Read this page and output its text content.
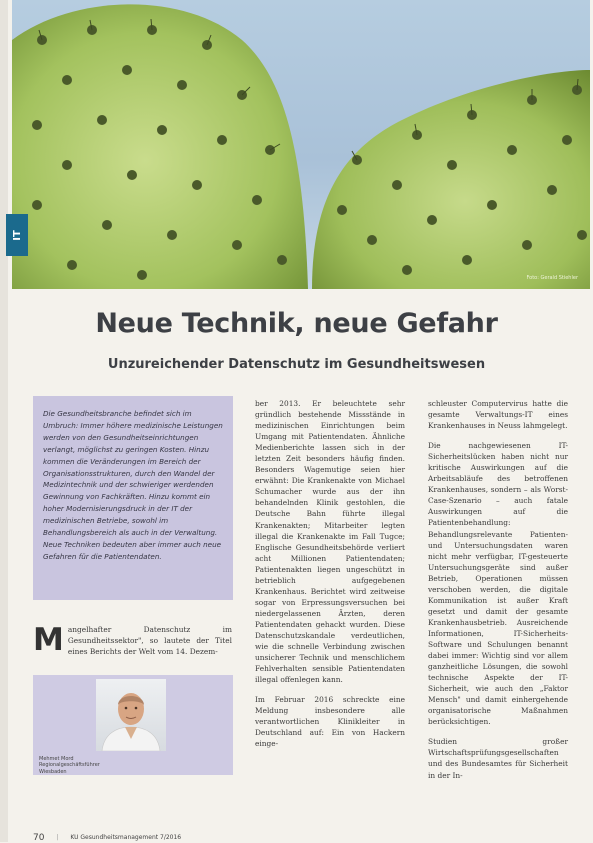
Foto: Gerald Stiehler
IT
Neue Technik, neue Gefahr
Unzureichender Datenschutz im Gesundheitswesen

Die Gesundheitsbranche befindet sich im Umbruch: Immer höhere medizinische Leistungen werden von den Gesundheitseinrichtungen verlangt, möglichst zu geringen Kosten. Hinzu kommen die Veränderungen im Bereich der Organisationsstrukturen, durch den Wandel der Medizintechnik und der schwieriger werdenden Gewinnung von Fachkräften. Hinzu kommt ein hoher Modernisierungsdruck in der IT der medizinischen Betriebe, sowohl im Behandlungsbereich als auch in der Verwaltung. Neue Techniken bedeuten aber immer auch neue Gefahren für die Patientendaten.

Mangelhafter Datenschutz im Gesundheitssektor", so lautete der Titel eines Berichts der Welt vom 14. Dezem-

Mehmet Mord
Regionalgeschäftsführer
Wiesbaden

ber 2013. Er beleuchtete sehr gründlich bestehende Missstände in medizinischen Einrichtungen beim Umgang mit Patientendaten. Ähnliche Medienberichte lassen sich in der letzten Zeit besonders häufig finden. Besonders Wagemutige seien hier erwähnt: Die Krankenakte von Michael Schumacher wurde aus der ihn behandelnden Klinik gestohlen, die Deutsche Bahn führte illegal Krankenakten; Mitarbeiter legten illegal die Krankenakte im Fall Tugce; Englische Gesundheitsbehörde verliert acht Millionen Patientendaten; Patientenakten liegen ungeschützt in betrieblich aufgegebenen Krankenhaus. Berichtet wird zeitweise sogar von Erpressungsversuchen bei niedergelassenen Ärzten, deren Patientendaten gehackt wurden. Diese Datenschutzskandale verdeutlichen, wie die schnelle Verbindung zwischen unsicherer Technik und menschlichem Fehlverhalten sensible Patientendaten illegal offenlegen kann.

Im Februar 2016 schreckte eine Meldung insbesondere alle verantwortlichen Klinikleiter in Deutschland auf: Ein von Hackern einge-

schleuster Computervirus hatte die gesamte Verwaltungs-IT eines Krankenhauses in Neuss lahmgelegt.

Die nachgewiesenen IT-Sicherheitslücken haben nicht nur kritische Auswirkungen auf die Arbeitsabläufe des betroffenen Krankenhauses, sondern – als Worst-Case-Szenario – auch fatale Auswirkungen auf die Patientenbehandlung: Behandlungsrelevante Patienten- und Untersuchungsdaten waren nicht mehr verfügbar, IT-gesteuerte Untersuchungsgeräte sind außer Betrieb, Operationen müssen verschoben werden, die digitale Kommunikation ist außer Kraft gesetzt und damit der gesamte Krankenhausbetrieb. Ausreichende Informationen, IT-Sicherheits-Software und Schulungen benannt dabei immer: Wichtig sind vor allem ganzheitliche Lösungen, die sowohl technische Aspekte der IT-Sicherheit, wie auch den „Faktor Mensch" und damit einhergehende organisatorische Maßnahmen berücksichtigen.

Studien großer Wirtschaftsprüfungsgesellschaften und des Bundesamtes für Sicherheit in der In-

70 | KU Gesundheitsmanagement 7/2016
